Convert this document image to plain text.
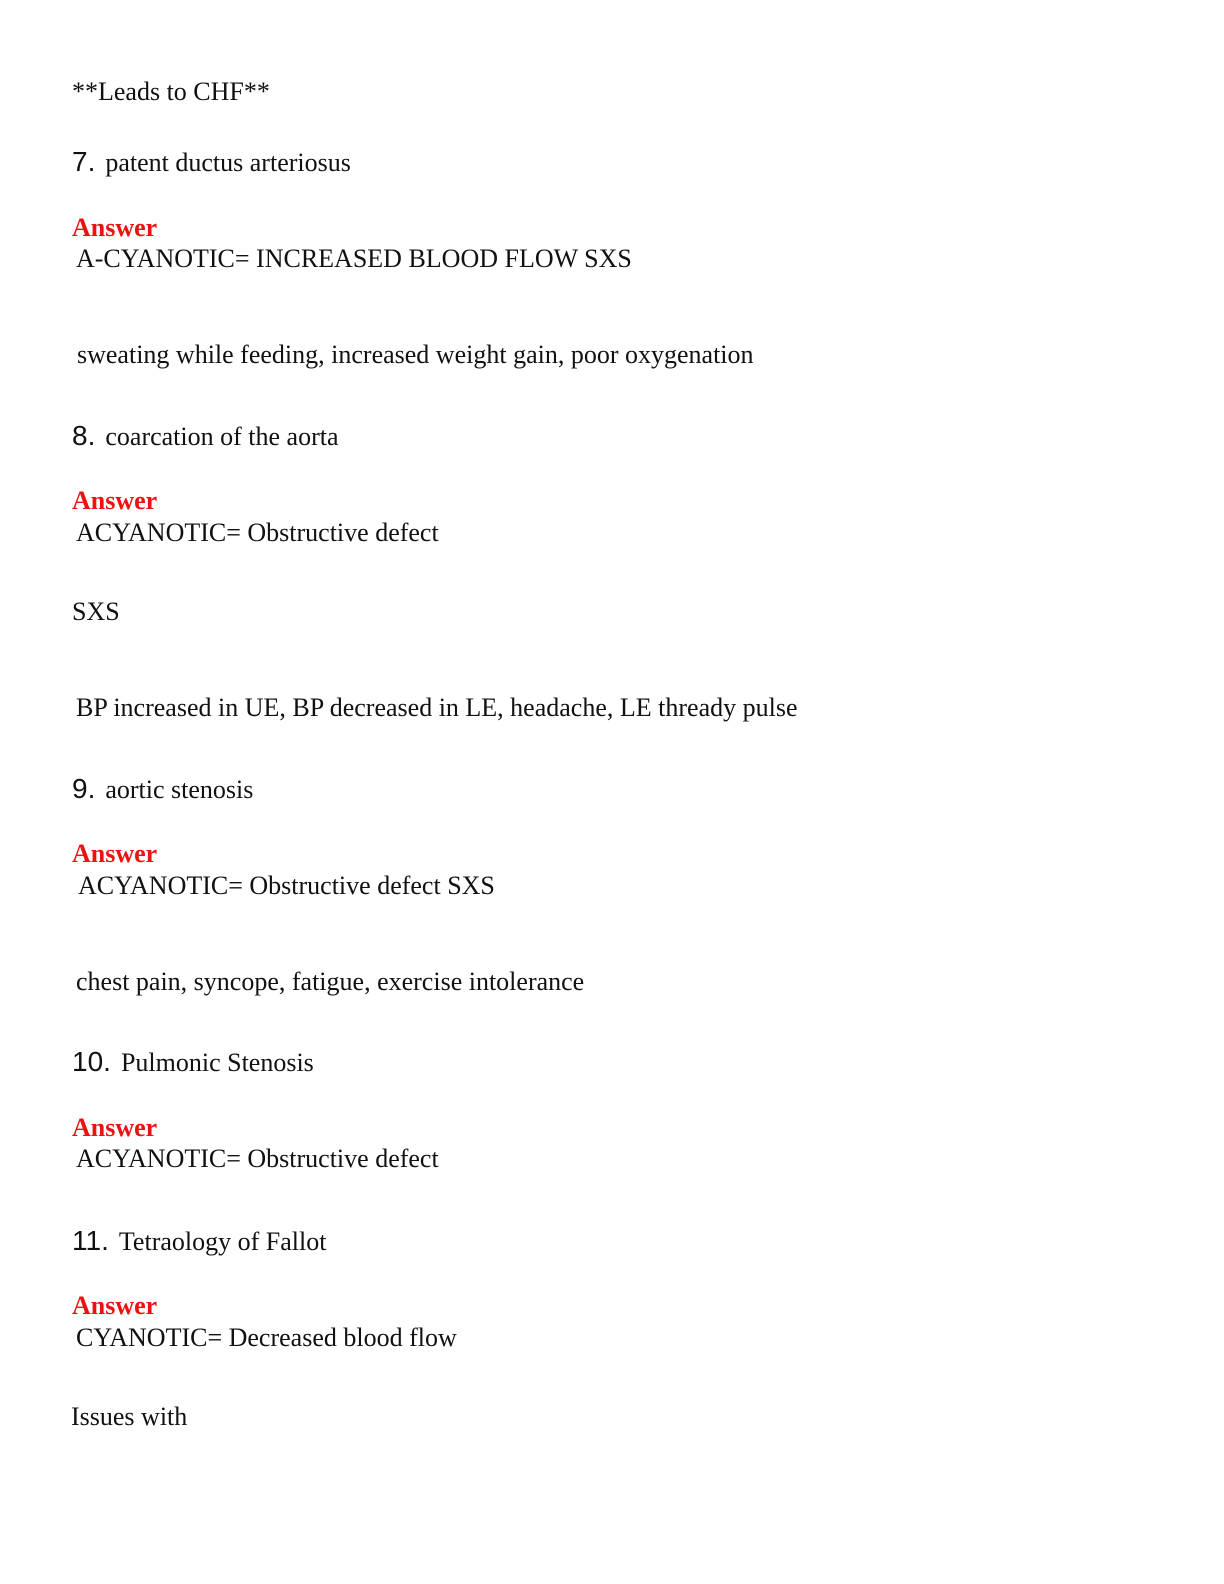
**Leads to CHF**
7. patent ductus arteriosus
Answer
A-CYANOTIC= INCREASED BLOOD FLOW SXS
sweating while feeding, increased weight gain, poor oxygenation
8. coarcation of the aorta
Answer
ACYANOTIC= Obstructive defect
SXS
BP increased in UE, BP decreased in LE, headache, LE thready pulse
9. aortic stenosis
Answer
ACYANOTIC= Obstructive defect SXS
chest pain, syncope, fatigue, exercise intolerance
10. Pulmonic Stenosis
Answer
ACYANOTIC= Obstructive defect
11. Tetraology of Fallot
Answer
CYANOTIC= Decreased blood flow
Issues with
